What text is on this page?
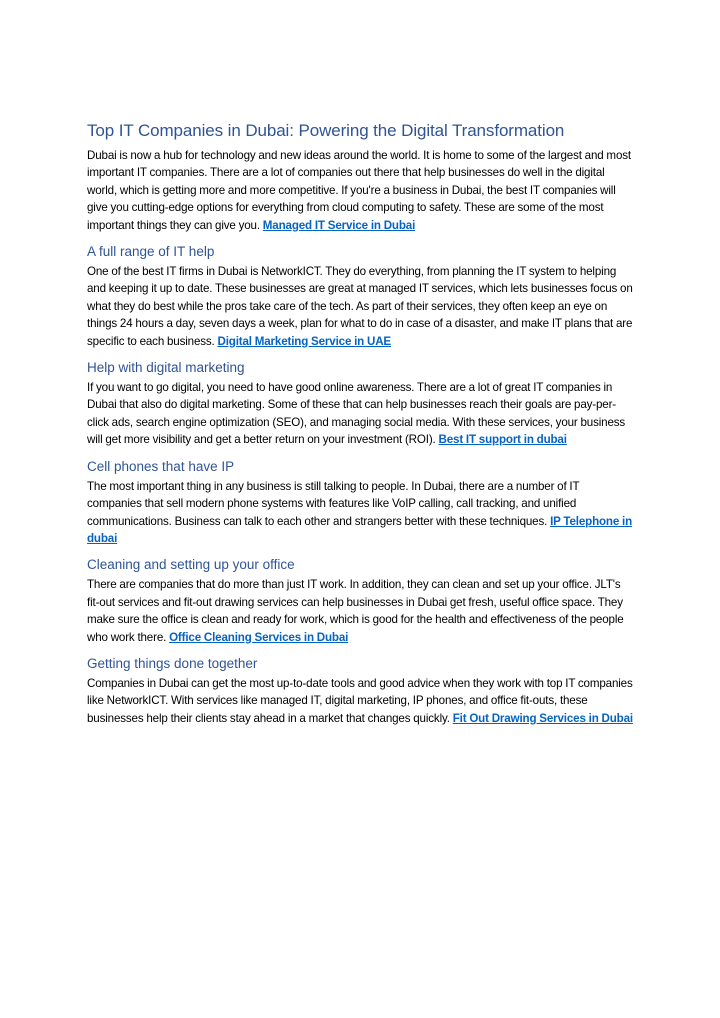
Top IT Companies in Dubai: Powering the Digital Transformation

Dubai is now a hub for technology and new ideas around the world. It is home to some of the largest and most important IT companies. There are a lot of companies out there that help businesses do well in the digital world, which is getting more and more competitive. If you're a business in Dubai, the best IT companies will give you cutting-edge options for everything from cloud computing to safety. These are some of the most important things they can give you. Managed IT Service in Dubai

A full range of IT help

One of the best IT firms in Dubai is NetworkICT. They do everything, from planning the IT system to helping and keeping it up to date. These businesses are great at managed IT services, which lets businesses focus on what they do best while the pros take care of the tech. As part of their services, they often keep an eye on things 24 hours a day, seven days a week, plan for what to do in case of a disaster, and make IT plans that are specific to each business. Digital Marketing Service in UAE

Help with digital marketing

If you want to go digital, you need to have good online awareness. There are a lot of great IT companies in Dubai that also do digital marketing. Some of these that can help businesses reach their goals are pay-per-click ads, search engine optimization (SEO), and managing social media. With these services, your business will get more visibility and get a better return on your investment (ROI). Best IT support in dubai

Cell phones that have IP

The most important thing in any business is still talking to people. In Dubai, there are a number of IT companies that sell modern phone systems with features like VoIP calling, call tracking, and unified communications. Business can talk to each other and strangers better with these techniques. IP Telephone in dubai

Cleaning and setting up your office

There are companies that do more than just IT work. In addition, they can clean and set up your office. JLT's fit-out services and fit-out drawing services can help businesses in Dubai get fresh, useful office space. They make sure the office is clean and ready for work, which is good for the health and effectiveness of the people who work there. Office Cleaning Services in Dubai

Getting things done together

Companies in Dubai can get the most up-to-date tools and good advice when they work with top IT companies like NetworkICT. With services like managed IT, digital marketing, IP phones, and office fit-outs, these businesses help their clients stay ahead in a market that changes quickly. Fit Out Drawing Services in Dubai
